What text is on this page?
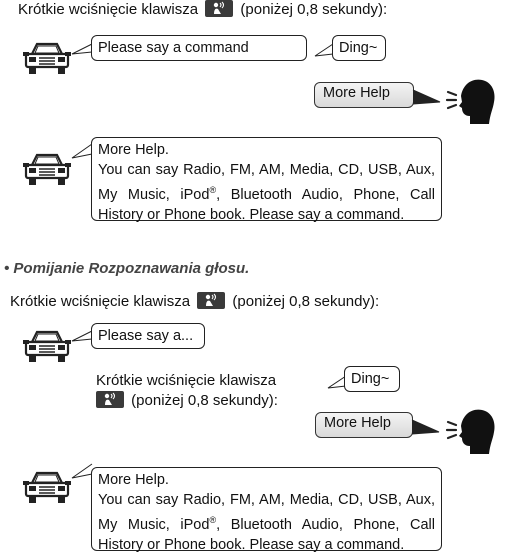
Krótkie wciśnięcie klawisza	(poniżej 0,8 sekundy):
Please say a command	Ding~
More Help
More Help.
You can say Radio, FM, AM, Media, CD, USB, Aux,
My Music, iPod®, Bluetooth Audio, Phone, Call
History or Phone book. Please say a command.
• Pomijanie Rozpoznawania głosu.
Krótkie wciśnięcie klawisza	(poniżej 0,8 sekundy):
Please say a...
Krótkie wciśnięcie klawisza
(poniżej 0,8 sekundy):
Ding~
More Help
More Help.
You can say Radio, FM, AM, Media, CD, USB, Aux,
My Music, iPod®, Bluetooth Audio, Phone, Call
History or Phone book. Please say a command.
